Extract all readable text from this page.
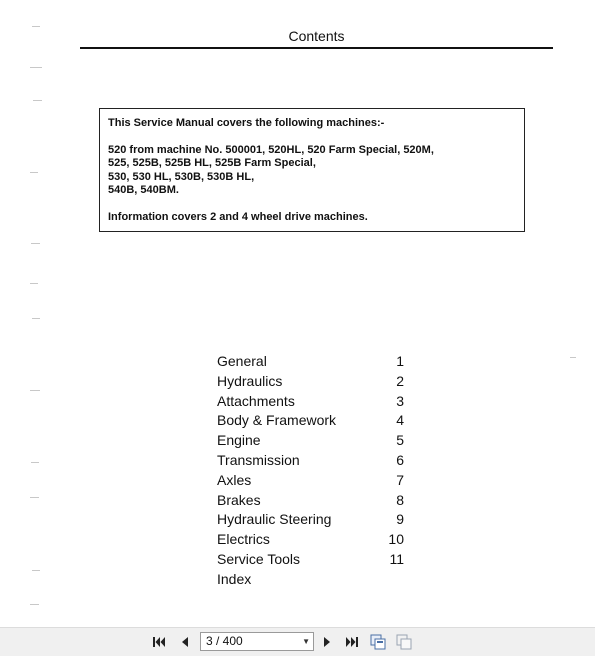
Contents
This Service Manual covers the following machines:-
520 from machine No. 500001, 520HL, 520 Farm Special, 520M,
525, 525B, 525B HL, 525B Farm Special,
530, 530 HL, 530B, 530B HL,
540B, 540BM.
Information covers 2 and 4 wheel drive machines.
General	1
Hydraulics	2
Attachments	3
Body & Framework	4
Engine	5
Transmission	6
Axles	7
Brakes	8
Hydraulic Steering	9
Electrics	10
Service Tools	11
Index
3 / 400	▼
